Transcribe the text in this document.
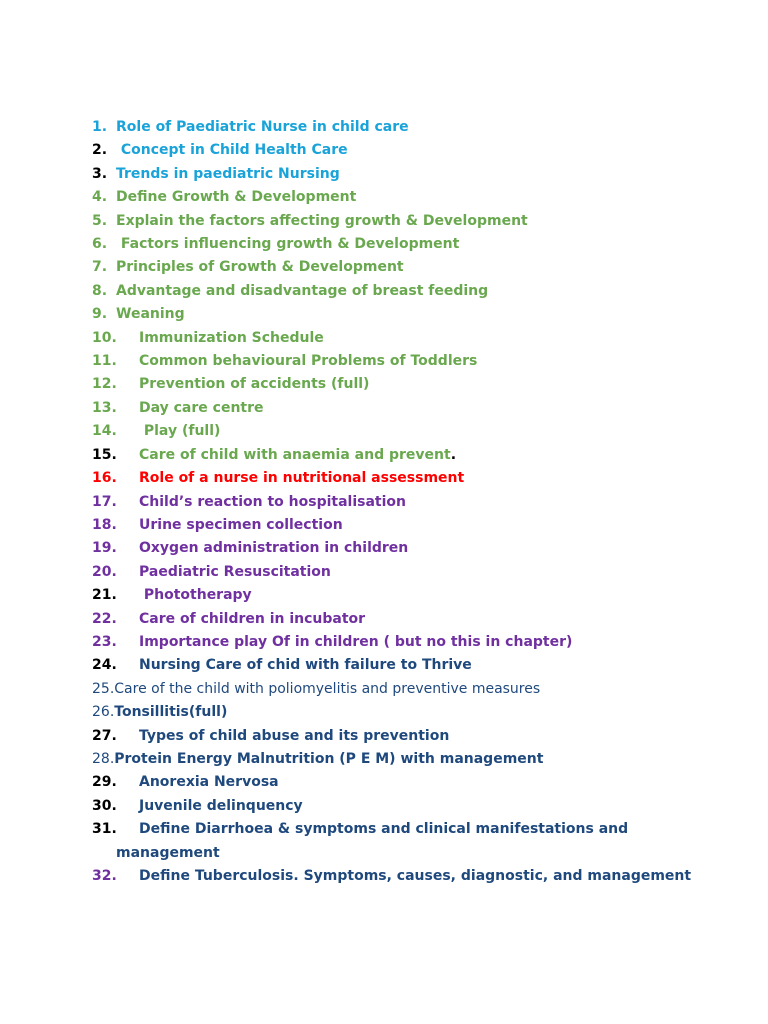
1. Role of Paediatric Nurse in child care
2. Concept in Child Health Care
3. Trends in paediatric Nursing
4. Define Growth & Development
5. Explain the factors affecting growth & Development
6. Factors influencing growth & Development
7. Principles of Growth & Development
8. Advantage and disadvantage of breast feeding
9. Weaning
10. Immunization Schedule
11. Common behavioural Problems of Toddlers
12. Prevention of accidents (full)
13. Day care centre
14. Play (full)
15. Care of child with anaemia and prevent.
16. Role of a nurse in nutritional assessment
17. Child’s reaction to hospitalisation
18. Urine specimen collection
19. Oxygen administration in children
20. Paediatric Resuscitation
21. Phototherapy
22. Care of children in incubator
23. Importance play Of in children ( but no this in chapter)
24. Nursing Care of chid with failure to Thrive
25.Care of the child with poliomyelitis and preventive measures
26.Tonsillitis(full)
27. Types of child abuse and its prevention
28.Protein Energy Malnutrition (P E M) with management
29. Anorexia Nervosa
30. Juvenile delinquency
31.	Define Diarrhoea & symptoms and clinical manifestations and management
32.	Define Tuberculosis. Symptoms, causes, diagnostic, and management
